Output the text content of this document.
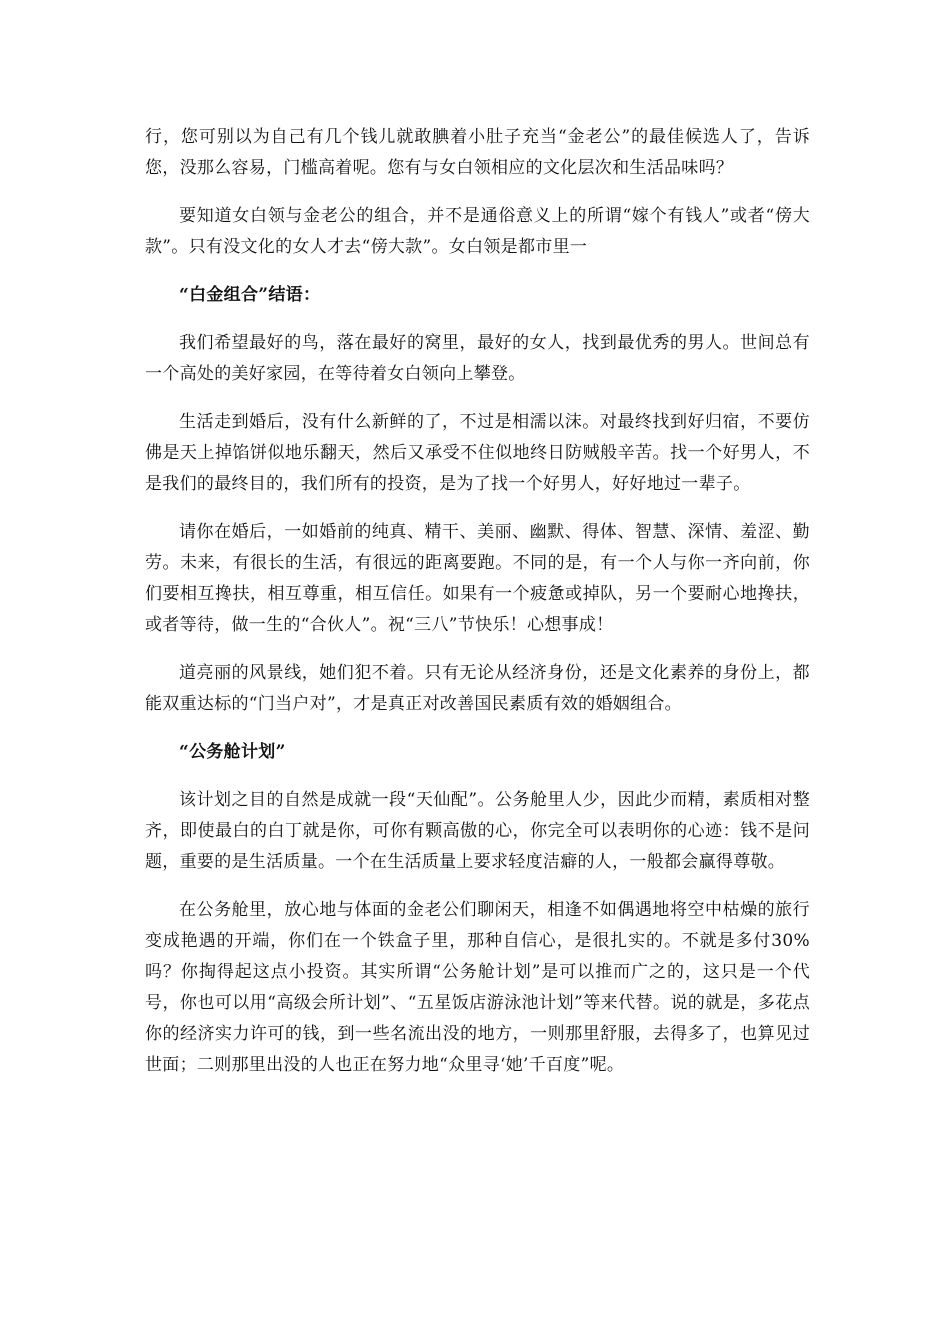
行，您可别以为自己有几个钱儿就敢腆着小肚子充当“金老公”的最佳候选人了，告诉您，没那么容易，门槛高着呢。您有与女白领相应的文化层次和生活品味吗？

要知道女白领与金老公的组合，并不是通俗意义上的所谓“嫁个有钱人”或者“傍大款”。只有没文化的女人才去“傍大款”。女白领是都市里一

“白金组合”结语：

我们希望最好的鸟，落在最好的窝里，最好的女人，找到最优秀的男人。世间总有一个高处的美好家园，在等待着女白领向上攀登。

生活走到婚后，没有什么新鲜的了，不过是相濡以沫。对最终找到好归宿，不要仿佛是天上掉馅饼似地乐翻天，然后又承受不住似地终日防贼般辛苦。找一个好男人，不是我们的最终目的，我们所有的投资，是为了找一个好男人，好好地过一辈子。

请你在婚后，一如婚前的纯真、精干、美丽、幽默、得体、智慧、深情、羞涩、勤劳。未来，有很长的生活，有很远的距离要跑。不同的是，有一个人与你一齐向前，你们要相互搀扶，相互尊重，相互信任。如果有一个疲惫或掉队，另一个要耐心地搀扶，或者等待，做一生的“合伙人”。祝“三八”节快乐！心想事成！

道亮丽的风景线，她们犯不着。只有无论从经济身份，还是文化素养的身份上，都能双重达标的“门当户对”，才是真正对改善国民素质有效的婚姻组合。

“公务舱计划”

该计划之目的自然是成就一段“天仙配”。公务舱里人少，因此少而精，素质相对整齐，即使最白的白丁就是你，可你有颗高傲的心，你完全可以表明你的心迹：钱不是问题，重要的是生活质量。一个在生活质量上要求轻度洁癖的人，一般都会赢得尊敬。

在公务舱里，放心地与体面的金老公们聊闲天，相逢不如偶遇地将空中枯燥的旅行变成艳遇的开端，你们在一个铁盒子里，那种自信心，是很扎实的。不就是多付30%吗？你掏得起这点小投资。其实所谓“公务舱计划”是可以推而广之的，这只是一个代号，你也可以用“高级会所计划”、“五星饭店游泳池计划”等来代替。说的就是，多花点你的经济实力许可的钱，到一些名流出没的地方，一则那里舒服，去得多了，也算见过世面；二则那里出没的人也正在努力地“众里寻‘她’千百度”呢。
